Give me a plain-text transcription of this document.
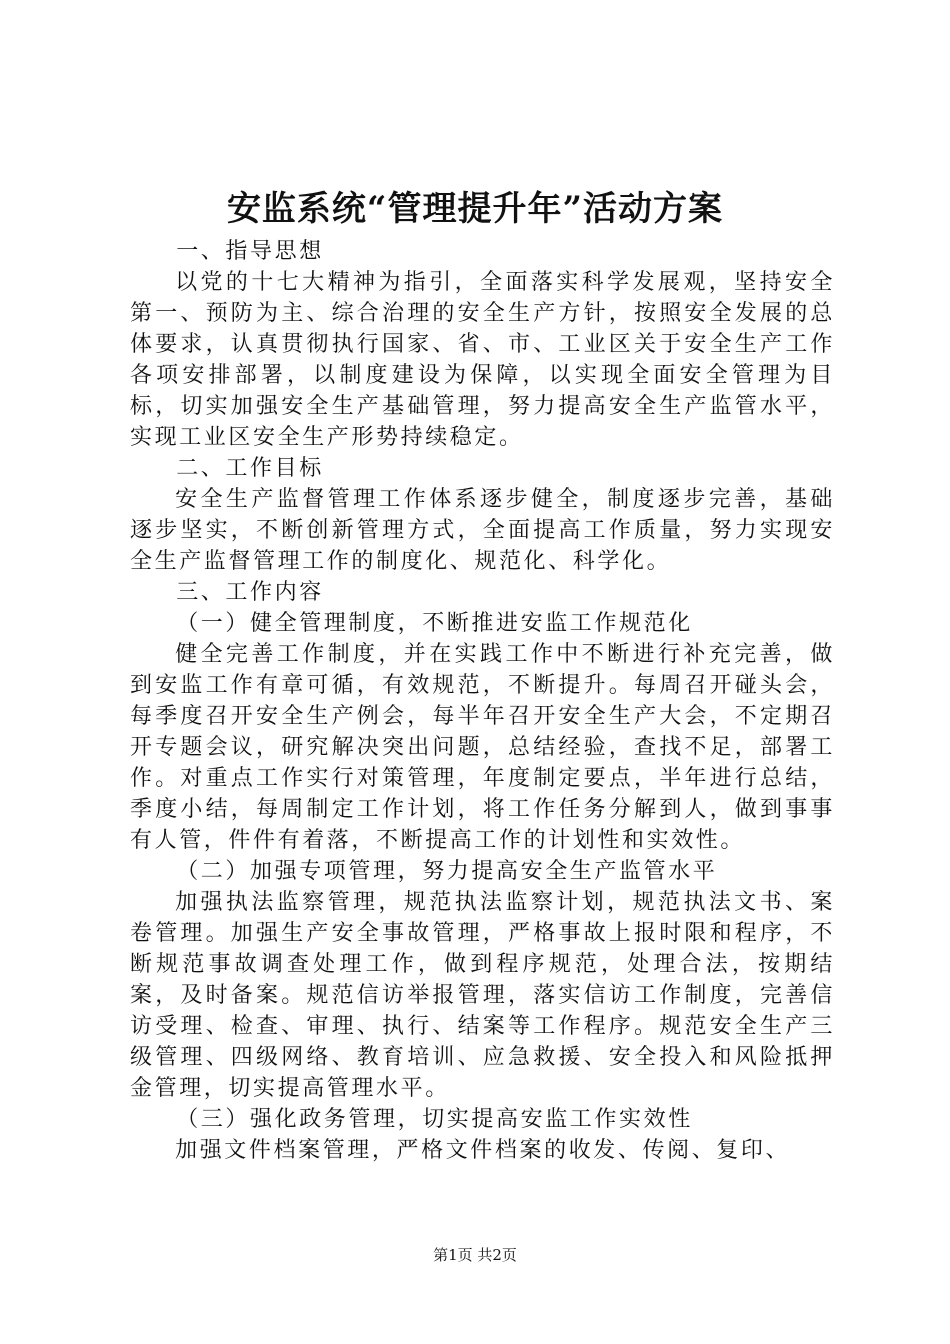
安监系统“管理提升年”活动方案

一、指导思想

以党的十七大精神为指引，全面落实科学发展观，坚持安全第一、预防为主、综合治理的安全生产方针，按照安全发展的总体要求，认真贯彻执行国家、省、市、工业区关于安全生产工作各项安排部署，以制度建设为保障，以实现全面安全管理为目标，切实加强安全生产基础管理，努力提高安全生产监管水平，实现工业区安全生产形势持续稳定。

二、工作目标

安全生产监督管理工作体系逐步健全，制度逐步完善，基础逐步坚实，不断创新管理方式，全面提高工作质量，努力实现安全生产监督管理工作的制度化、规范化、科学化。

三、工作内容

（一）健全管理制度，不断推进安监工作规范化

健全完善工作制度，并在实践工作中不断进行补充完善，做到安监工作有章可循，有效规范，不断提升。每周召开碰头会，每季度召开安全生产例会，每半年召开安全生产大会，不定期召开专题会议，研究解决突出问题，总结经验，查找不足，部署工作。对重点工作实行对策管理，年度制定要点，半年进行总结，季度小结，每周制定工作计划，将工作任务分解到人，做到事事有人管，件件有着落，不断提高工作的计划性和实效性。

（二）加强专项管理，努力提高安全生产监管水平

加强执法监察管理，规范执法监察计划，规范执法文书、案卷管理。加强生产安全事故管理，严格事故上报时限和程序，不断规范事故调查处理工作，做到程序规范，处理合法，按期结案，及时备案。规范信访举报管理，落实信访工作制度，完善信访受理、检查、审理、执行、结案等工作程序。规范安全生产三级管理、四级网络、教育培训、应急救援、安全投入和风险抵押金管理，切实提高管理水平。

（三）强化政务管理，切实提高安监工作实效性

加强文件档案管理，严格文件档案的收发、传阅、复印、

第1页 共2页
